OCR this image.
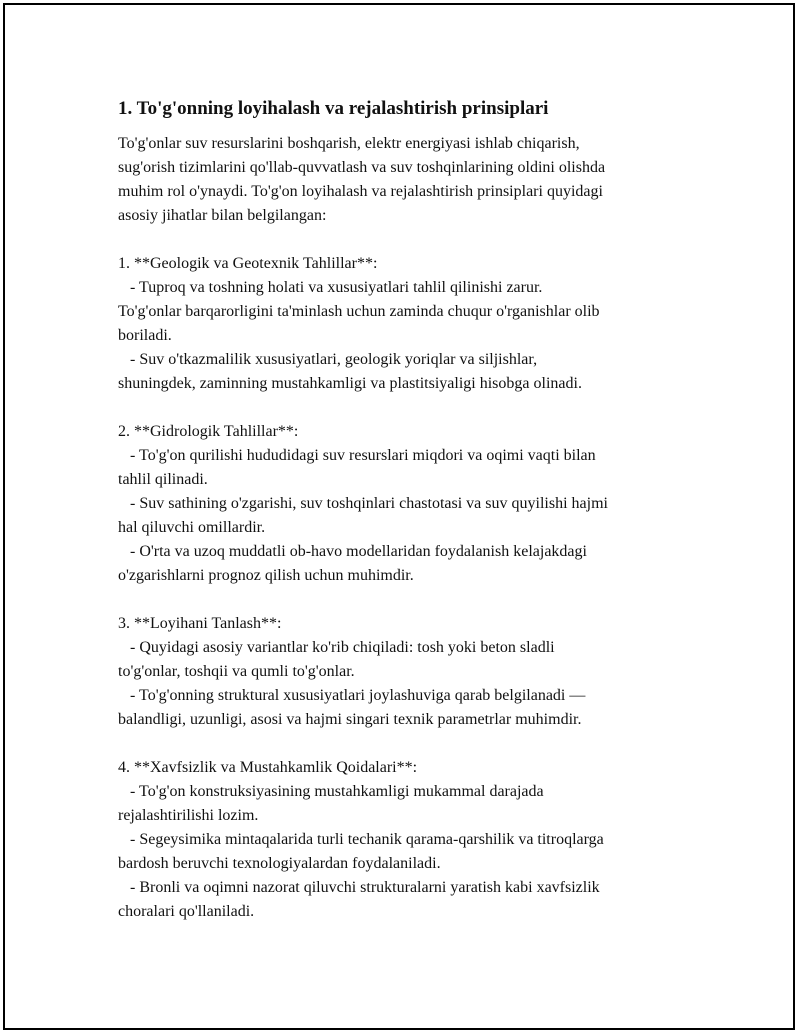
1. To'g'onning loyihalash va rejalashtirish prinsiplari

To'g'onlar suv resurslarini boshqarish, elektr energiyasi ishlab chiqarish,
sug'orish tizimlarini qo'llab-quvvatlash va suv toshqinlarining oldini olishda
muhim rol o'ynaydi. To'g'on loyihalash va rejalashtirish prinsiplari quyidagi
asosiy jihatlar bilan belgilangan:

1. **Geologik va Geotexnik Tahlillar**:

- Tuproq va toshning holati va xususiyatlari tahlil qilinishi zarur.
To'g'onlar barqarorligini ta'minlash uchun zaminda chuqur o'rganishlar olib
boriladi.

- Suv o'tkazmalilik xususiyatlari, geologik yoriqlar va siljishlar,
shuningdek, zaminning mustahkamligi va plastitsiyaligi hisobga olinadi.

2. **Gidrologik Tahlillar**:

- To'g'on qurilishi hududidagi suv resurslari miqdori va oqimi vaqti bilan
tahlil qilinadi.

- Suv sathining o'zgarishi, suv toshqinlari chastotasi va suv quyilishi hajmi
hal qiluvchi omillardir.

- O'rta va uzoq muddatli ob-havo modellaridan foydalanish kelajakdagi
o'zgarishlarni prognoz qilish uchun muhimdir.

3. **Loyihani Tanlash**:

- Quyidagi asosiy variantlar ko'rib chiqiladi: tosh yoki beton sladli
to'g'onlar, toshqii va qumli to'g'onlar.

- To'g'onning struktural xususiyatlari joylashuviga qarab belgilanadi —
balandligi, uzunligi, asosi va hajmi singari texnik parametrlar muhimdir.

4. **Xavfsizlik va Mustahkamlik Qoidalari**:

- To'g'on konstruksiyasining mustahkamligi mukammal darajada
rejalashtirilishi lozim.

- Segeysimika mintaqalarida turli techanik qarama-qarshilik va titroqlarga
bardosh beruvchi texnologiyalardan foydalaniladi.

- Bronli va oqimni nazorat qiluvchi strukturalarni yaratish kabi xavfsizlik
choralari qo'llaniladi.
